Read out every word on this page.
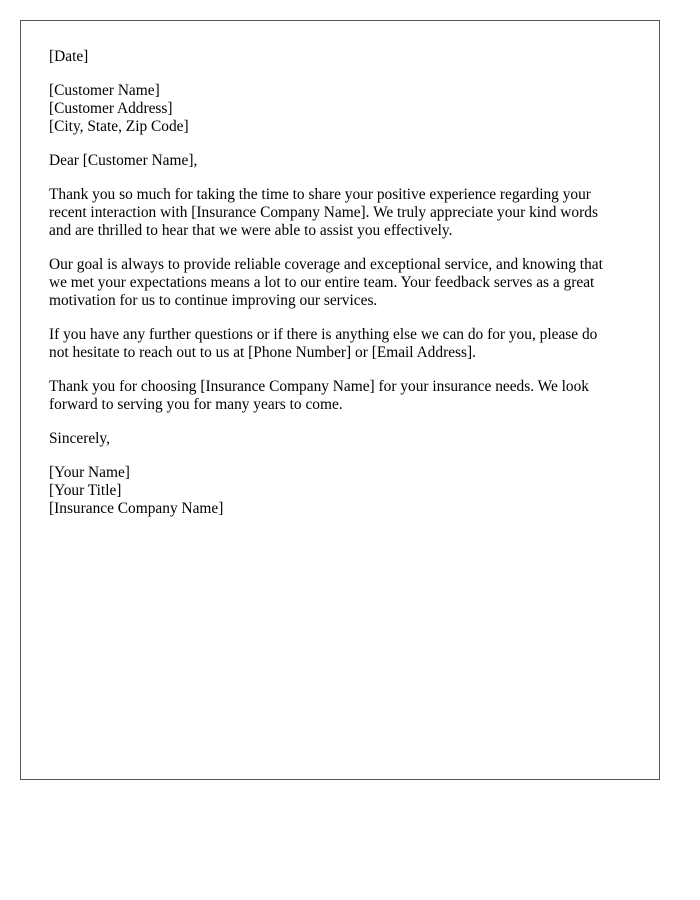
[Date]
[Customer Name]
[Customer Address]
[City, State, Zip Code]
Dear [Customer Name],
Thank you so much for taking the time to share your positive experience regarding your
recent interaction with [Insurance Company Name]. We truly appreciate your kind words
and are thrilled to hear that we were able to assist you effectively.
Our goal is always to provide reliable coverage and exceptional service, and knowing that
we met your expectations means a lot to our entire team. Your feedback serves as a great
motivation for us to continue improving our services.
If you have any further questions or if there is anything else we can do for you, please do
not hesitate to reach out to us at [Phone Number] or [Email Address].
Thank you for choosing [Insurance Company Name] for your insurance needs. We look
forward to serving you for many years to come.
Sincerely,
[Your Name]
[Your Title]
[Insurance Company Name]
